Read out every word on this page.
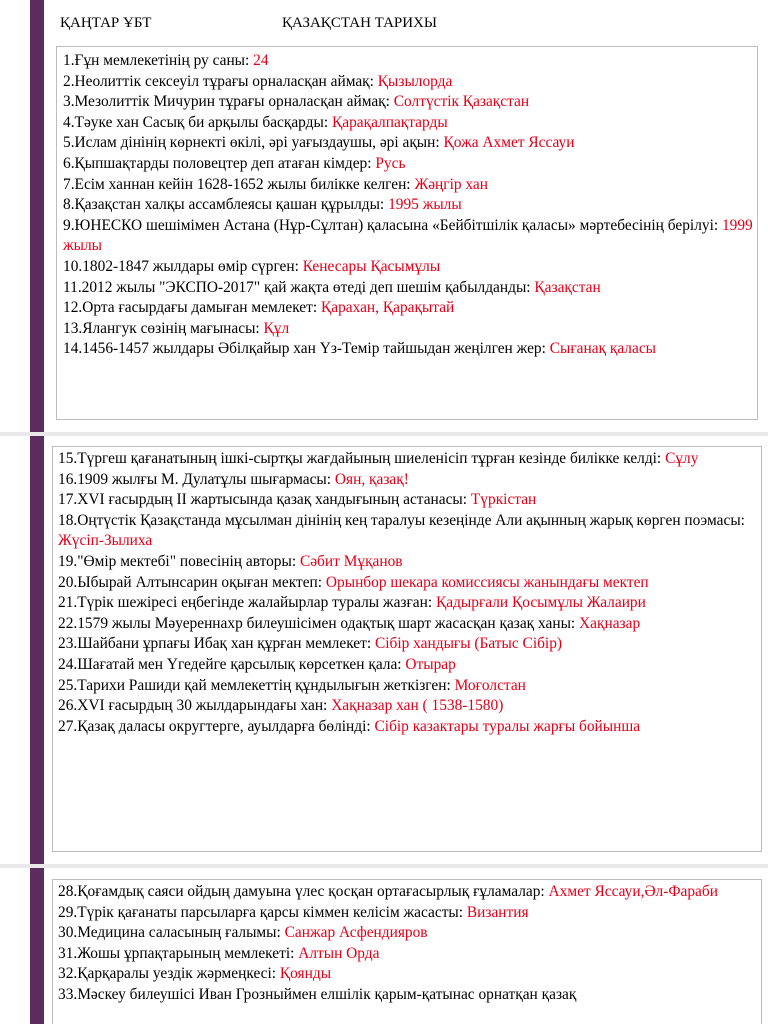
ҚАҢТАР ҰБТ	ҚАЗАҚСТАН ТАРИХЫ
1.Ғұн мемлекетінің ру саны: 24
2.Неолиттік сексеуіл тұрағы орналасқан аймақ: Қызылорда
3.Мезолиттік Мичурин тұрағы орналасқан аймақ: Солтүстік Қазақстан
4.Тәуке хан Сасық би арқылы басқарды: Қарақалпақтарды
5.Ислам дінінің көрнекті өкілі, әрі уағыздаушы, әрі ақын: Қожа Ахмет Яссауи
6.Қыпшақтарды половецтер деп атаған кімдер: Русь
7.Есім ханнан кейін 1628-1652 жылы билікке келген: Жәңгір хан
8.Қазақстан халқы ассамблеясы қашан құрылды: 1995 жылы
9.ЮНЕСКО шешімімен Астана (Нұр-Сұлтан) қаласына «Бейбітшілік қаласы» мәртебесінің берілуі: 1999 жылы
10.1802-1847 жылдары өмір сүрген: Кенесары Қасымұлы
11.2012 жылы "ЭКСПО-2017" қай жақта өтеді деп шешім қабылданды: Қазақстан
12.Орта ғасырдағы дамыған мемлекет: Қарахан, Қарақытай
13.Ялангук сөзінің мағынасы: Құл
14.1456-1457 жылдары Әбілқайыр хан Үз-Темір тайшыдан жеңілген жер: Сығанақ қаласы
15.Түргеш қағанатының ішкі-сыртқы жағдайының шиеленісіп тұрған кезінде билікке келді: Сұлу
16.1909 жылғы М. Дулатұлы шығармасы: Оян, қазақ!
17.XVI ғасырдың ІІ жартысында қазақ хандығының астанасы: Түркістан
18.Оңтүстік Қазақстанда мұсылман дінінің кең таралуы кезеңінде Али ақынның жарық көрген поэмасы: Жүсіп-Зылиха
19."Өмір мектебі" повесінің авторы: Сәбит Мұқанов
20.Ыбырай Алтынсарин оқыған мектеп: Орынбор шекара комиссиясы жанындағы мектеп
21.Түрік шежіресі еңбегінде жалайырлар туралы жазған: Қадырғали Қосымұлы Жалаири
22.1579 жылы Мәуереннахр билеушісімен одақтық шарт жасасқан қазақ ханы: Хақназар
23.Шайбани ұрпағы Ибақ хан құрған мемлекет: Сібір хандығы (Батыс Сібір)
24.Шағатай мен Үгедейге қарсылық көрсеткен қала: Отырар
25.Тарихи Рашиди қай мемлекеттің құндылығын жеткізген: Моғолстан
26.XVI ғасырдың 30 жылдарындағы хан: Хақназар хан ( 1538-1580)
27.Қазақ даласы округтерге, ауылдарға бөлінді: Сібір казактары туралы жарғы бойынша
28.Қоғамдық саяси ойдың дамуына үлес қосқан ортағасырлық ғұламалар: Ахмет Яссауи,Әл-Фараби
29.Түрік қағанаты парсыларға қарсы кіммен келісім жасасты: Византия
30.Медицина саласының ғалымы: Санжар Асфендияров
31.Жошы ұрпақтарының мемлекеті: Алтын Орда
32.Қарқаралы уездік жәрмеңкесі: Қоянды
33.Мәскеу билеушісі Иван Грозныймен елшілік қарым-қатынас орнатқан қазақ
